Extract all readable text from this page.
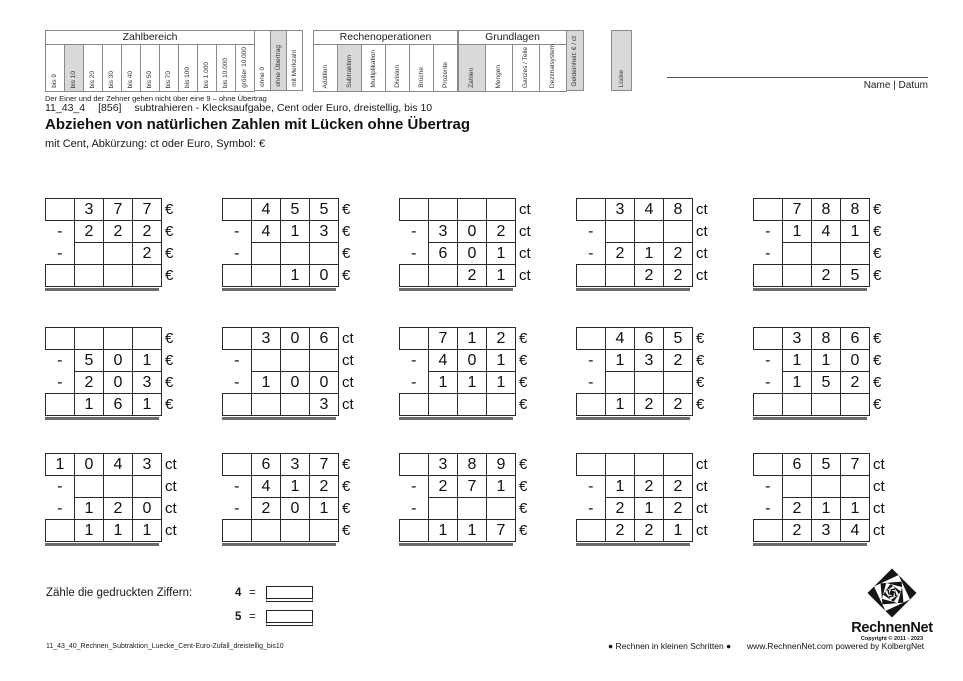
Zahlbereich
bis 9 bis 10 bis 20 bis 30 bis 40 bis 50 bis 70 bis 100 bis 1.000 bis 10.000 größer 10.000 ohne 0 ohne Übertrag mit Merkzahl
Rechenoperationen
Addition	Subtraktion	Multiplikation	Division	Brüche	Prozente
Grundlagen
Zahlen	Mengen	Ganzes / Teile	Dezimalsystem Geldeinheit: € / ct	Lücke
Der Einer und der Zehner gehen nicht über eine 9 – ohne Übertrag
Name | Datum
11_43_4 [856] subtrahieren - Klecksaufgabe, Cent oder Euro, dreistellig, bis 10
Abziehen von natürlichen Zahlen mit Lücken ohne Übertrag
mit Cent, Abkürzung: ct oder Euro, Symbol: €
	3	7	7	€
-	2	2	2	€
-			2	€
				€
	4	5	5	€
-	4	1	3	€
-				€
		1	0	€
				ct
-	3	0	2	ct
-	6	0	1	ct
		2	1	ct
	3	4	8	ct
-				ct
-	2	1	2	ct
		2	2	ct
	7	8	8	€
-	1	4	1	€
-				€
		2	5	€
				€
-	5	0	1	€
-	2	0	3	€
	1	6	1	€
	3	0	6	ct
-				ct
-	1	0	0	ct
			3	ct
	7	1	2	€
-	4	0	1	€
-	1	1	1	€
				€
	4	6	5	€
-	1	3	2	€
-				€
	1	2	2	€
	3	8	6	€
-	1	1	0	€
-	1	5	2	€
				€
1	0	4	3	ct
-				ct
-	1	2	0	ct
	1	1	1	ct
	6	3	7	€
-	4	1	2	€
-	2	0	1	€
				€
	3	8	9	€
-	2	7	1	€
-				€
	1	1	7	€
				ct
-	1	2	2	ct
-	2	1	2	ct
	2	2	1	ct
	6	5	7	ct
-				ct
-	2	1	1	ct
	2	3	4	ct
Zähle die gedruckten Ziffern:	4 =
5 =
11_43_40_Rechnen_Subtraktion_Luecke_Cent-Euro-Zufall_dreistellig_bis10	● Rechnen in kleinen Schritten ● www.RechnenNet.com powered by KolbergNet
RechnenNet
Copyright © 2011 - 2023
